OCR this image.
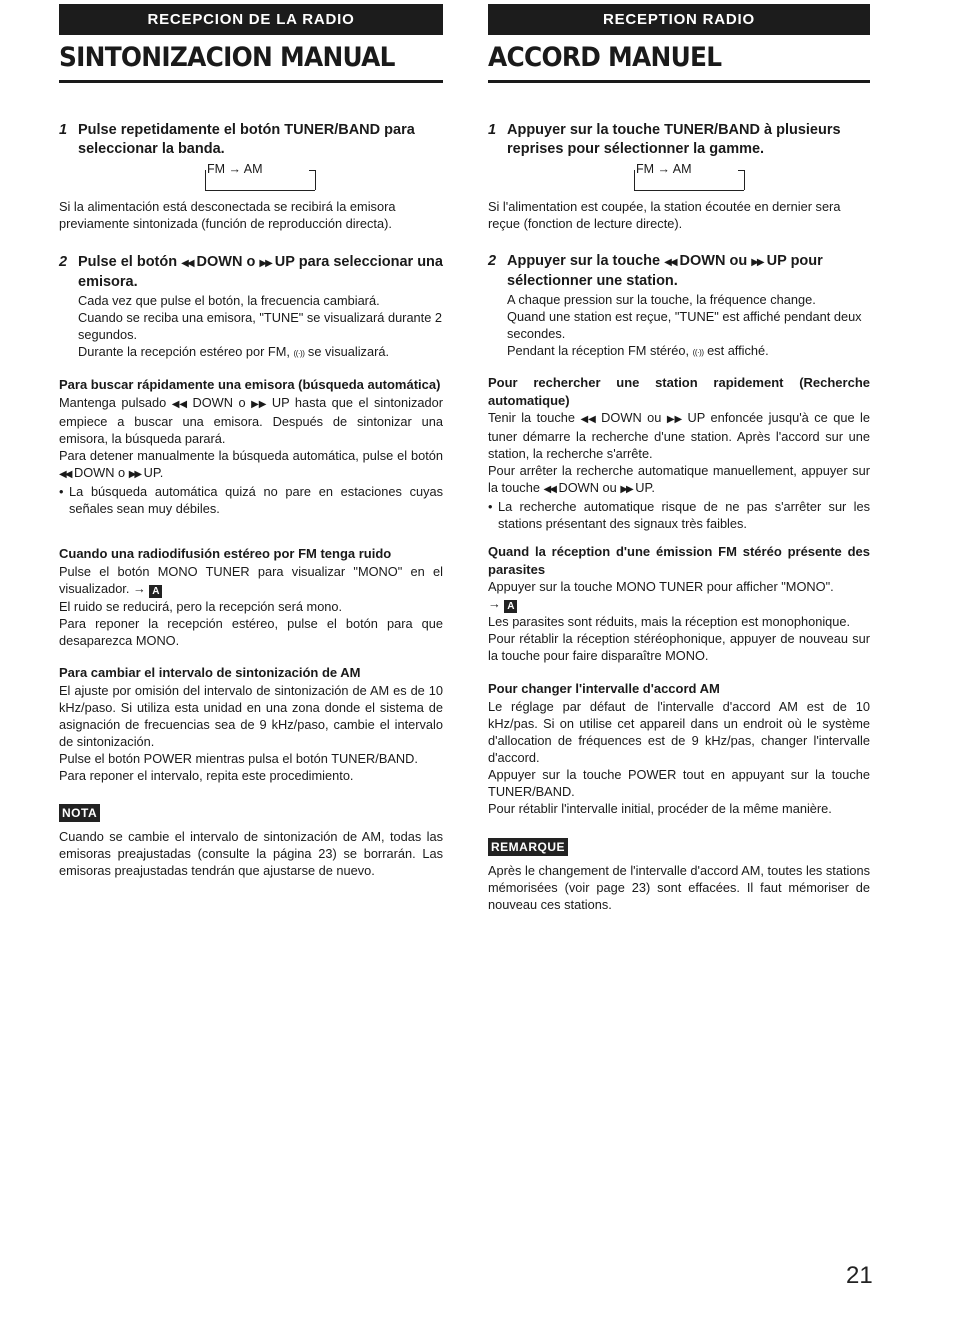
RECEPCION DE LA RADIO
SINTONIZACION MANUAL
1 Pulse repetidamente el botón TUNER/BAND para seleccionar la banda.
FM → AM

Si la alimentación está desconectada se recibirá la emisora previamente sintonizada (función de reproducción directa).

2 Pulse el botón ◀◀ DOWN o ▶▶ UP para seleccionar una emisora.

Cada vez que pulse el botón, la frecuencia cambiará.

Cuando se reciba una emisora, "TUNE" se visualizará durante 2 segundos.

Durante la recepción estéreo por FM, ((·)) se visualizará.

Para buscar rápidamente una emisora (búsqueda automática)

Mantenga pulsado ◀◀ DOWN o ▶▶ UP hasta que el sintonizador empiece a buscar una emisora. Después de sintonizar una emisora, la búsqueda parará.

Para detener manualmente la búsqueda automática, pulse el botón ◀◀ DOWN o ▶▶ UP.

• La búsqueda automática quizá no pare en estaciones cuyas señales sean muy débiles.

Cuando una radiodifusión estéreo por FM tenga ruido

Pulse el botón MONO TUNER para visualizar "MONO" en el visualizador. → A

El ruido se reducirá, pero la recepción será mono.

Para reponer la recepción estéreo, pulse el botón para que desaparezca MONO.

Para cambiar el intervalo de sintonización de AM

El ajuste por omisión del intervalo de sintonización de AM es de 10 kHz/paso. Si utiliza esta unidad en una zona donde el sistema de asignación de frecuencias sea de 9 kHz/paso, cambie el intervalo de sintonización.

Pulse el botón POWER mientras pulsa el botón TUNER/BAND.

Para reponer el intervalo, repita este procedimiento.

NOTA

Cuando se cambie el intervalo de sintonización de AM, todas las emisoras preajustadas (consulte la página 23) se borrarán. Las emisoras preajustadas tendrán que ajustarse de nuevo.

RECEPTION RADIO
ACCORD MANUEL
1 Appuyer sur la touche TUNER/BAND à plusieurs reprises pour sélectionner la gamme.
FM → AM

Si l'alimentation est coupée, la station écoutée en dernier sera reçue (fonction de lecture directe).

2 Appuyer sur la touche ◀◀ DOWN ou ▶▶ UP pour sélectionner une station.

A chaque pression sur la touche, la fréquence change.

Quand une station est reçue, "TUNE" est affiché pendant deux secondes.

Pendant la réception FM stéréo, ((·)) est affiché.

Pour rechercher une station rapidement (Recherche automatique)

Tenir la touche ◀◀ DOWN ou ▶▶ UP enfoncée jusqu'à ce que le tuner démarre la recherche d'une station. Après l'accord sur une station, la recherche s'arrête.

Pour arrêter la recherche automatique manuellement, appuyer sur la touche ◀◀ DOWN ou ▶▶ UP.

• La recherche automatique risque de ne pas s'arrêter sur les stations présentant des signaux très faibles.

Quand la réception d'une émission FM stéréo présente des parasites

Appuyer sur la touche MONO TUNER pour afficher "MONO".

→ A

Les parasites sont réduits, mais la réception est monophonique.

Pour rétablir la réception stéréophonique, appuyer de nouveau sur la touche pour faire disparaître MONO.

Pour changer l'intervalle d'accord AM

Le réglage par défaut de l'intervalle d'accord AM est de 10 kHz/pas. Si on utilise cet appareil dans un endroit où le système d'allocation de fréquences est de 9 kHz/pas, changer l'intervalle d'accord.

Appuyer sur la touche POWER tout en appuyant sur la touche TUNER/BAND.

Pour rétablir l'intervalle initial, procéder de la même manière.

REMARQUE

Après le changement de l'intervalle d'accord AM, toutes les stations mémorisées (voir page 23) sont effacées. Il faut mémoriser de nouveau ces stations.

21
